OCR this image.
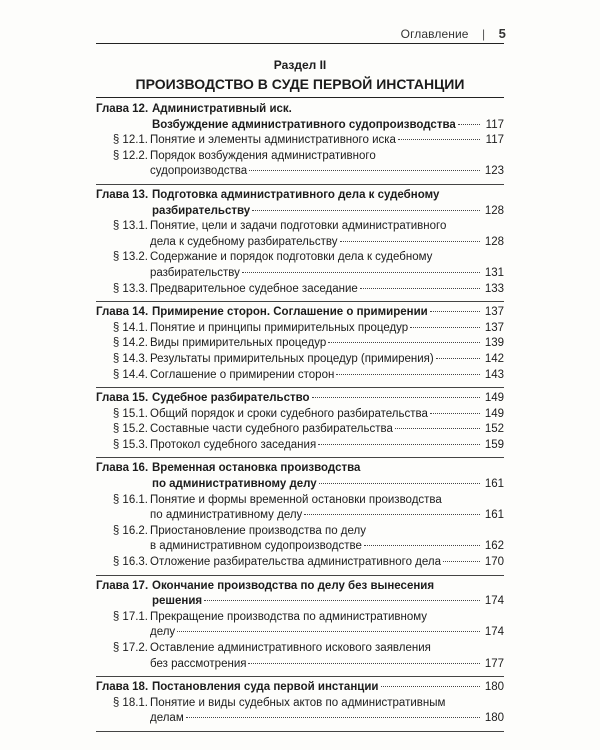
Оглавление | 5
Раздел II
ПРОИЗВОДСТВО В СУДЕ ПЕРВОЙ ИНСТАНЦИИ
Глава 12. Административный иск.
Возбуждение административного судопроизводства	117
§ 12.1. Понятие и элементы административного иска	117
§ 12.2. Порядок возбуждения административного
судопроизводства	123
Глава 13. Подготовка административного дела к судебному
разбирательству	128
§ 13.1. Понятие, цели и задачи подготовки административного
дела к судебному разбирательству	128
§ 13.2. Содержание и порядок подготовки дела к судебному
разбирательству	131
§ 13.3. Предварительное судебное заседание	133
Глава 14. Примирение сторон. Соглашение о примирении	137
§ 14.1. Понятие и принципы примирительных процедур	137
§ 14.2. Виды примирительных процедур	139
§ 14.3. Результаты примирительных процедур (примирения)	142
§ 14.4. Соглашение о примирении сторон	143
Глава 15. Судебное разбирательство	149
§ 15.1. Общий порядок и сроки судебного разбирательства	149
§ 15.2. Составные части судебного разбирательства	152
§ 15.3. Протокол судебного заседания	159
Глава 16. Временная остановка производства
по административному делу	161
§ 16.1. Понятие и формы временной остановки производства
по административному делу	161
§ 16.2. Приостановление производства по делу
в административном судопроизводстве	162
§ 16.3. Отложение разбирательства административного дела	170
Глава 17. Окончание производства по делу без вынесения
решения	174
§ 17.1. Прекращение производства по административному
делу	174
§ 17.2. Оставление административного искового заявления
без рассмотрения	177
Глава 18. Постановления суда первой инстанции	180
§ 18.1. Понятие и виды судебных актов по административным
делам	180
